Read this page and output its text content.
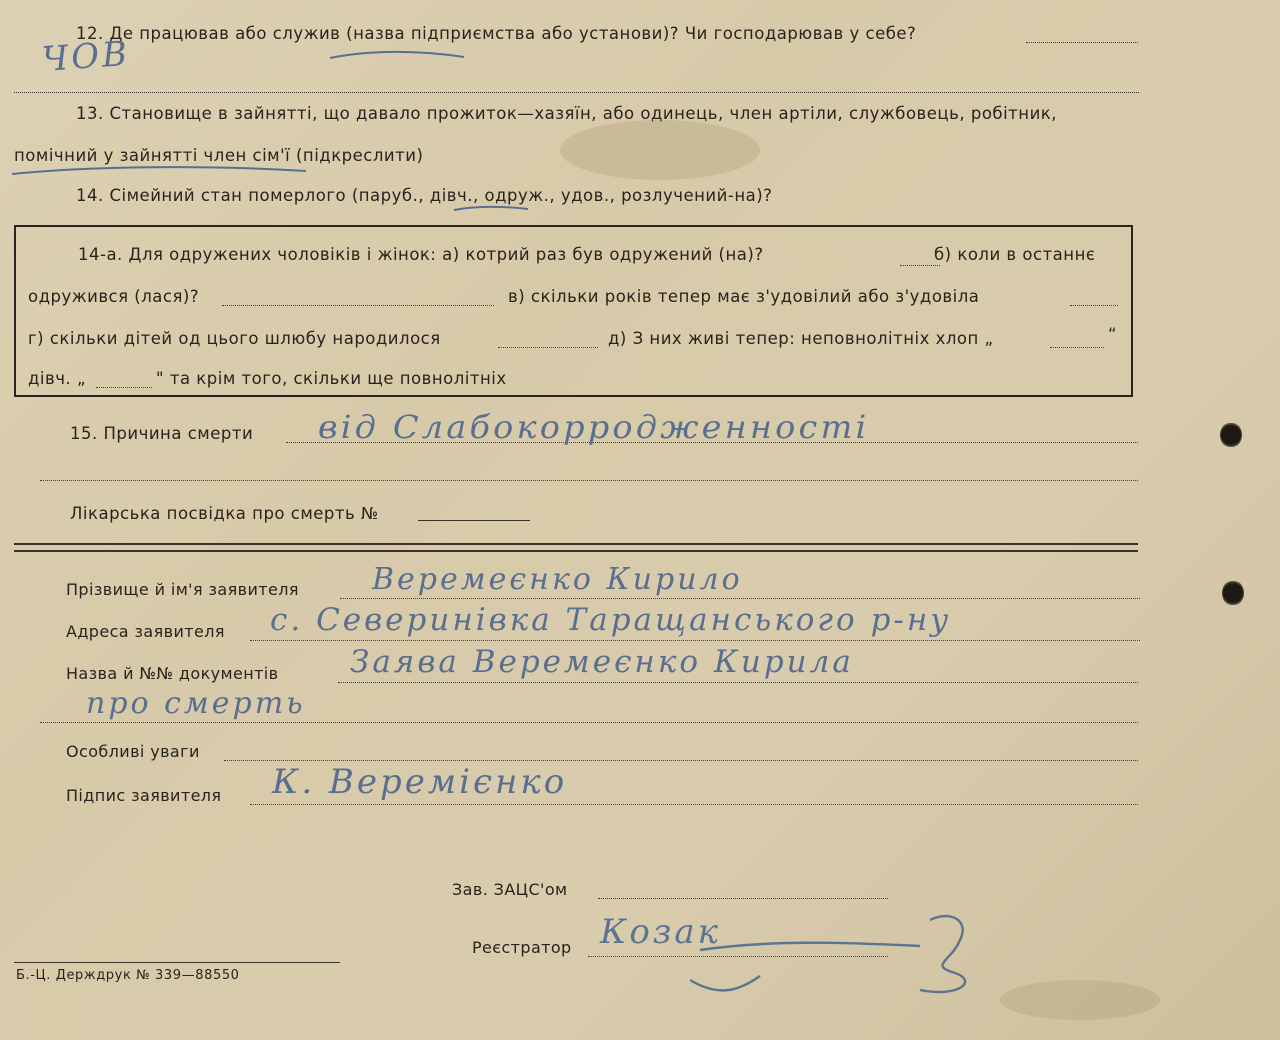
12. Де працював або служив (назва підприємства або установи)? Чи господарював у себе?
ЧОВ
13. Становище в зайнятті, що давало прожиток—хазяїн, або одинець, член артіли, службовець, робітник,
помічний у зайнятті член сім'ї (підкреслити)
14. Сімейний стан померлого (паруб., дівч., одруж., удов., розлучений-на)?
14-а. Для одружених чоловіків і жінок: а) котрий раз був одружений (на)?	б) коли в останнє
одружився (лася)?	в) скільки років тепер має з'удовілий або з'удовіла
г) скільки дітей од цього шлюбу народилося	д) З них живі тепер: неповнолітніх хлоп „	“
дівч. „	" та крім того, скільки ще повнолітніх
15. Причина смерти від Слабокорродженності
Лікарська посвідка про смерть №
Прізвище й ім'я заявителя Веремеєнко Кирило
Адреса заявителя с. Северинівка Таращанського р-ну
Назва й №№ документів Заява Веремеєнко Кирила
про смерть
Особливі уваги
Підпис заявителя К. Веремієнко
Зав. ЗАЦС'ом
Реєстратор Козак
Б.-Ц. Держдрук № 339—88550
